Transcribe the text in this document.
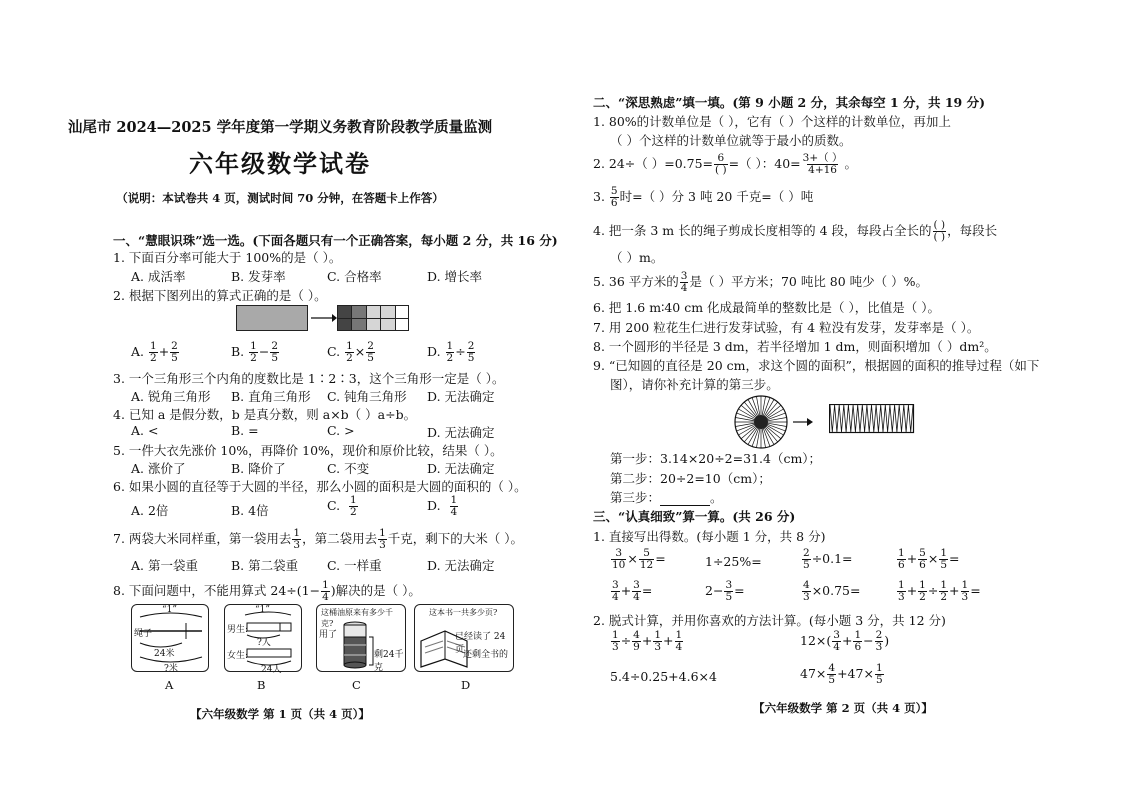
汕尾市 2024—2025 学年度第一学期义务教育阶段教学质量监测
六年级数学试卷
（说明：本试卷共 4 页，测试时间 70 分钟，在答题卡上作答）
一、“慧眼识珠”选一选。(下面各题只有一个正确答案，每小题 2 分，共 16 分)
1. 下面百分率可能大于 100%的是（ ）。
A. 成活率	B. 发芽率	C. 合格率	D. 增长率
2. 根据下图列出的算式正确的是（ ）。
A. $\frac{1}{2} + \frac{2}{5}$	B. $\frac{1}{2} - \frac{2}{5}$	C. $\frac{1}{2} \times \frac{2}{5}$	D. $\frac{1}{2} \div \frac{2}{5}$
3. 一个三角形三个内角的度数比是 1∶2∶3，这个三角形一定是（ ）。
A. 锐角三角形 B. 直角三角形 C. 钝角三角形 D. 无法确定
4. 已知 a 是假分数，b 是真分数，则 a×b（ ）a÷b。
A. <	B. =	C. >	D. 无法确定
5. 一件大衣先涨价 10%，再降价 10%，现价和原价比较，结果（ ）。
A. 涨价了	B. 降价了	C. 不变	D. 无法确定
6. 如果小圆的直径等于大圆的半径，那么小圆的面积是大圆的面积的（ ）。
A. 2倍	B. 4倍	C. $\frac{1}{2}$	D. $\frac{1}{4}$
7. 两袋大米同样重，第一袋用去 $\frac{1}{3}$ ，第二袋用去 $\frac{1}{3}$ 千克，剩下的大米（ ）。
A. 第一袋重	B. 第二袋重 C. 一样重	D. 无法确定
8. 下面问题中，不能用算式 $24\div(1- \frac{1}{4}$ )解决的是（ ）。
“1”
绳子
24米
?米
A
“1”
男生:
?人
女生:
24人
B
这桶油原来有多少千克?
用了
剩24千克
C
这本书一共多少页?
已经读了 24 页
还剩全书的
D
【六年级数学 第 1 页（共 4 页）】
二、“深思熟虑”填一填。(第 9 小题 2 分，其余每空 1 分，共 19 分)
1. 80%的计数单位是（ ），它有（ ）个这样的计数单位，再加上
（ ）个这样的计数单位就等于最小的质数。
2. 24÷（ ）$=0.75= \frac{6}{( )}$ =（ ）：$40= \frac{3+( )}{4+16}$ 。
3. $\frac{5}{6}$ 时=（ ）分 3 吨 20 千克=（ ）吨
4. 把一条 3 m 长的绳子剪成长度相等的 4 段，每段占全长的 $\frac{( )}{( )}$ ，每段长
（ ）m。
5. 36 平方米的 $\frac{3}{4}$ 是（ ）平方米；70 吨比 80 吨少（ ）%。
6. 把 1.6 m∶40 cm 化成最简单的整数比是（ ），比值是（ ）。
7. 用 200 粒花生仁进行发芽试验，有 4 粒没有发芽，发芽率是（ ）。
8. 一个圆形的半径是 3 dm，若半径增加 1 dm，则面积增加（ ）dm²。
9. “已知圆的直径是 20 cm，求这个圆的面积”，根据圆的面积的推导过程（如下
图），请你补充计算的第三步。
第一步：3.14×20÷2=31.4（cm）；
第二步：20÷2=10（cm）；
第三步：	。
三、“认真细致”算一算。(共 26 分)
1. 直接写出得数。(每小题 1 分，共 8 分)
$\frac{3}{10} \times \frac{5}{12}$ =	1÷25%=	$\frac{2}{5} \div 0.1=$	$\frac{1}{6} + \frac{5}{6} \times \frac{1}{5}$ =
$\frac{3}{4} + \frac{3}{4}$ =	$2- \frac{3}{5}$ =	$\frac{4}{3} \times 0.75=$	$\frac{1}{3} + \frac{1}{2} \div \frac{1}{2} + \frac{1}{3}$ =
2. 脱式计算，并用你喜欢的方法计算。(每小题 3 分，共 12 分)
$\frac{1}{3} \div \frac{4}{9} + \frac{1}{3} + \frac{1}{4}$	$12\times( \frac{3}{4} + \frac{1}{6} - \frac{2}{3}$ )
5.4÷0.25+4.6×4	$47\times \frac{4}{5} +47\times \frac{1}{5}$
【六年级数学 第 2 页（共 4 页）】
